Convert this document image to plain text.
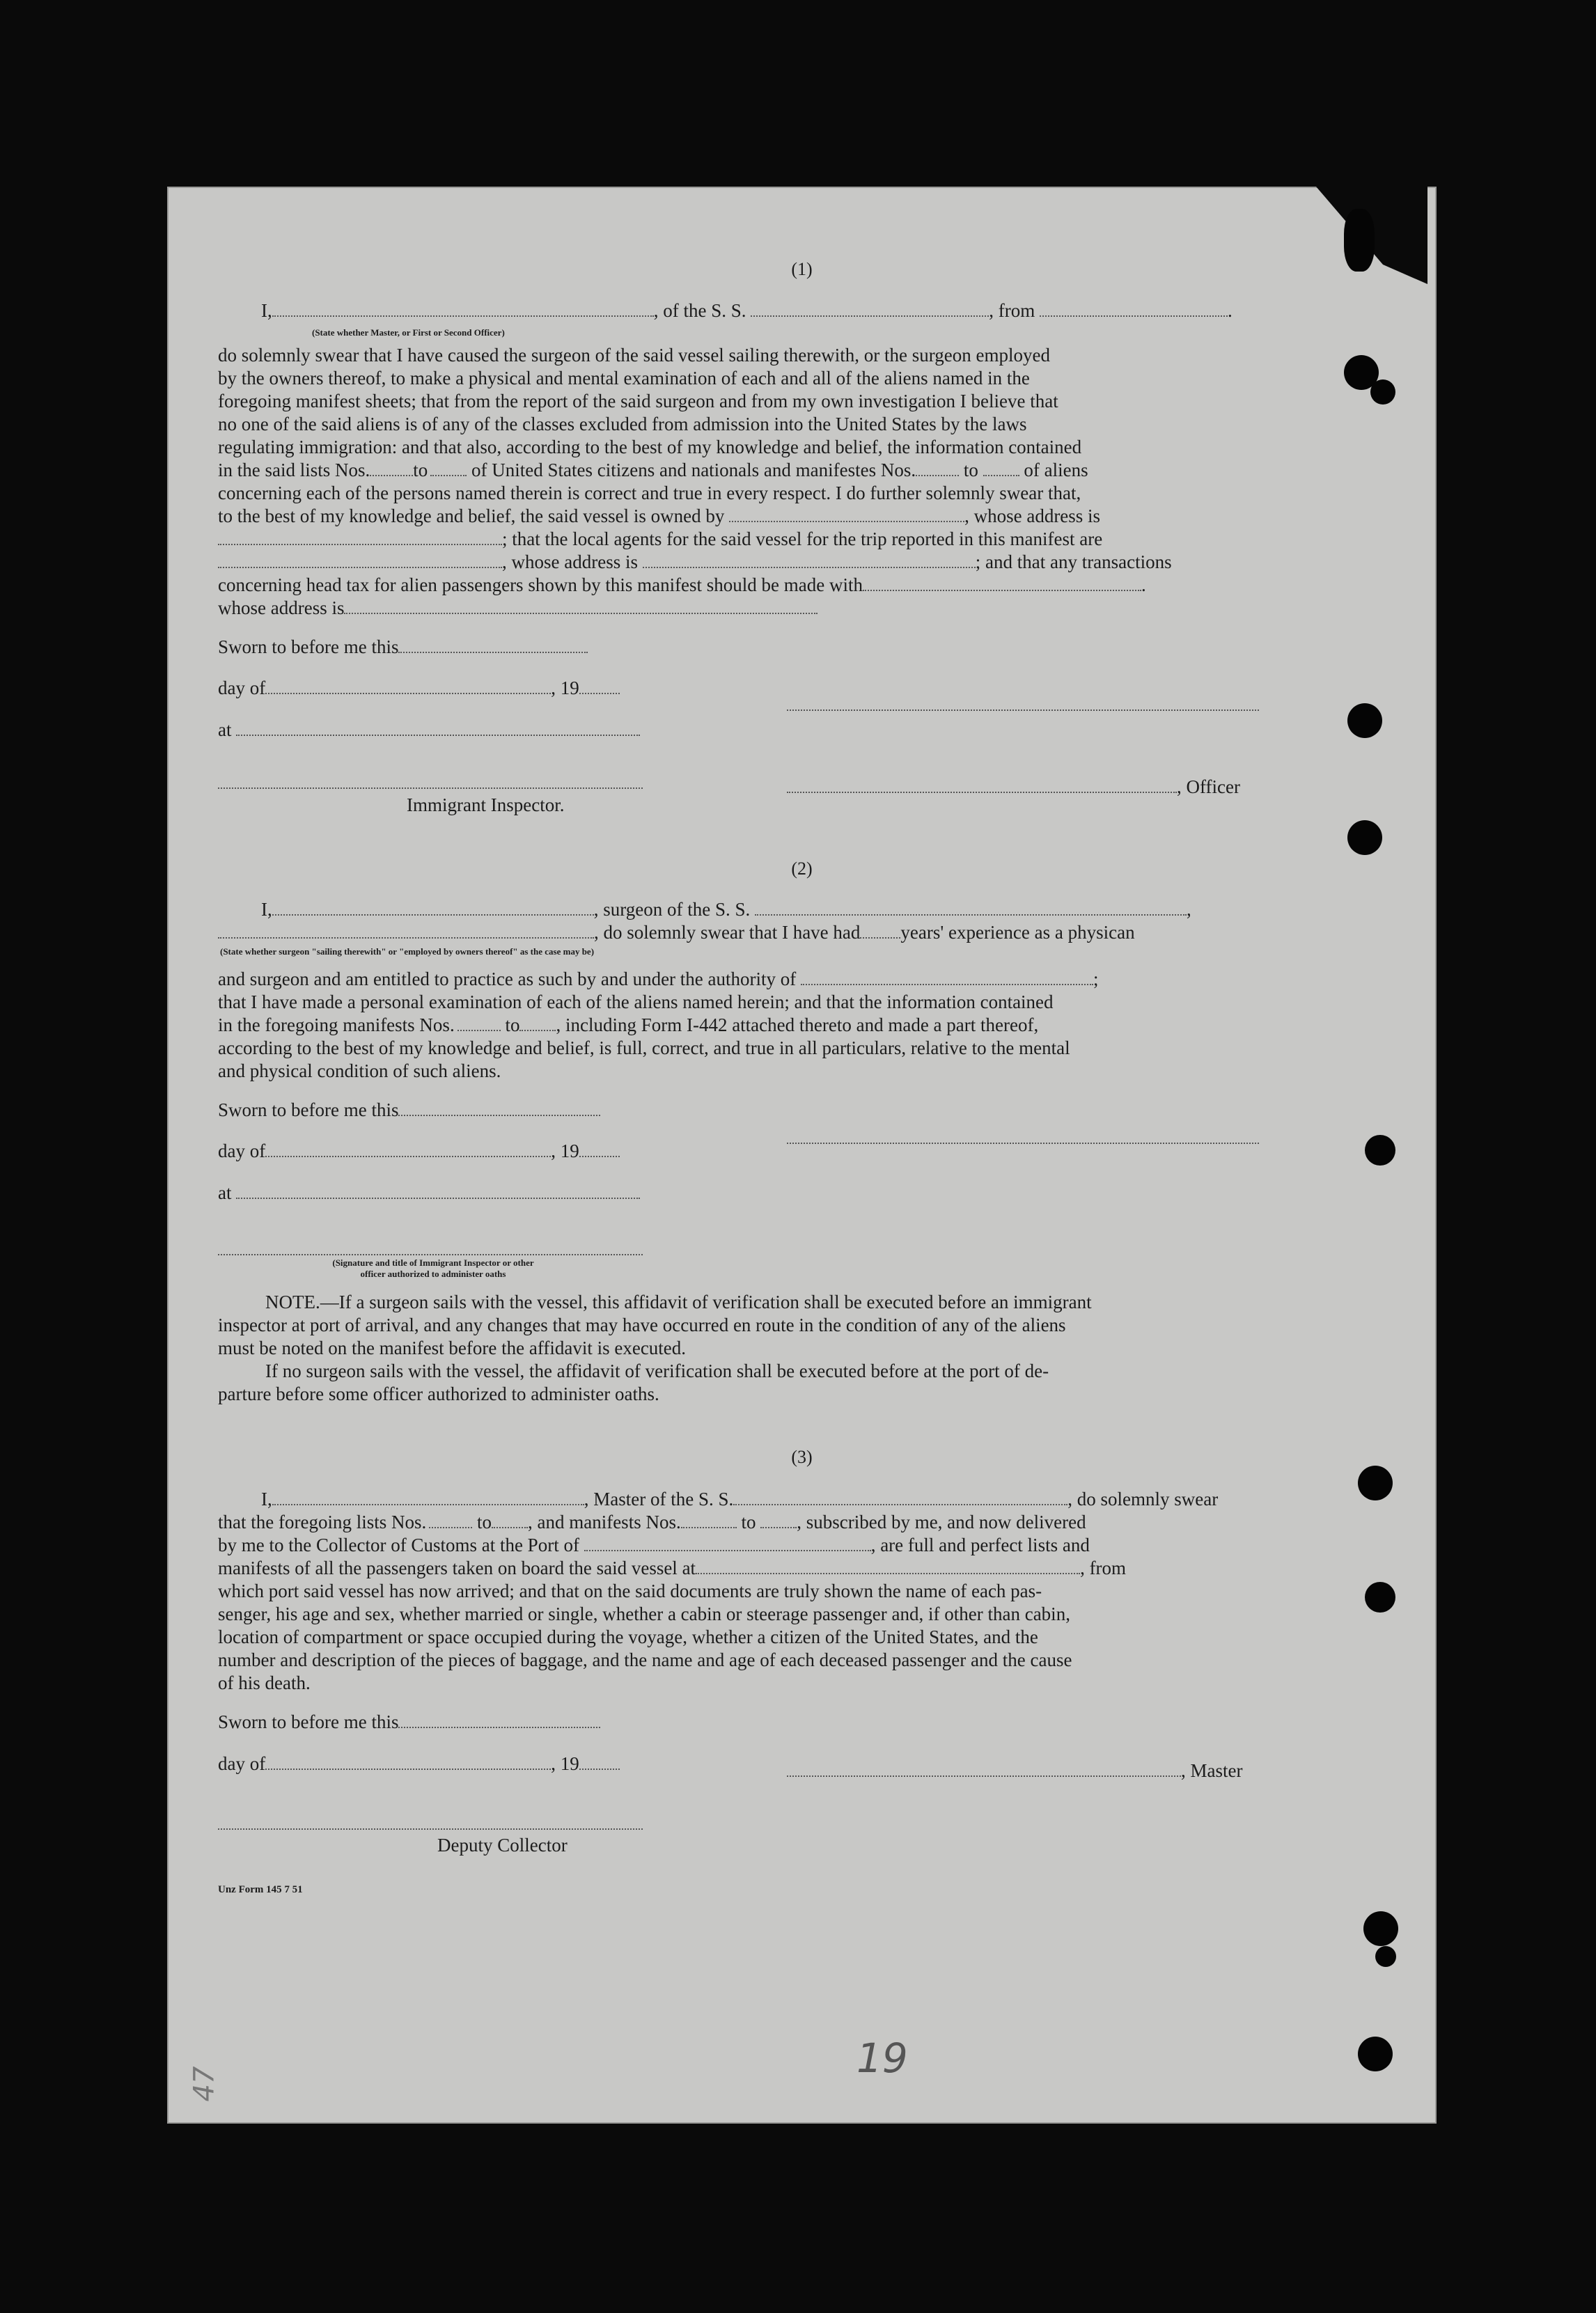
(1)
I,	, of the S. S.	, from	.
(State whether Master, or First or Second Officer)
do solemnly swear that I have caused the surgeon of the said vessel sailing therewith, or the surgeon employed
by the owners thereof, to make a physical and mental examination of each and all of the aliens named in the
foregoing manifest sheets; that from the report of the said surgeon and from my own investigation I believe that
no one of the said aliens is of any of the classes excluded from admission into the United States by the laws
regulating immigration: and that also, according to the best of my knowledge and belief, the information contained
in the said lists Nos. to of United States citizens and nationals and manifestes Nos.	to of aliens
concerning each of the persons named therein is correct and true in every respect. I do further solemnly swear that,
to the best of my knowledge and belief, the said vessel is owned by	, whose address is
; that the local agents for the said vessel for the trip reported in this manifest are
, whose address is	; and that any transactions
concerning head tax for alien passengers shown by this manifest should be made with	.
whose address is
Sworn to before me this
day of	, 19
at
, Officer
Immigrant Inspector.
(2)
I,	, surgeon of the S. S.	,
, do solemnly swear that I have had years' experience as a physican
(State whether surgeon "sailing therewith" or "employed by owners thereof" as the case may be)
and surgeon and am entitled to practice as such by and under the authority of	;
that I have made a personal examination of each of the aliens named herein; and that the information contained
in the foregoing manifests Nos.	to , including Form I-442 attached thereto and made a part thereof,
according to the best of my knowledge and belief, is full, correct, and true in all particulars, relative to the mental
and physical condition of such aliens.
Sworn to before me this
day of	, 19
at
(Signature and title of Immigrant Inspector or other
officer authorized to administer oaths
NOTE.—If a surgeon sails with the vessel, this affidavit of verification shall be executed before an immigrant
inspector at port of arrival, and any changes that may have occurred en route in the condition of any of the aliens
must be noted on the manifest before the affidavit is executed.
If no surgeon sails with the vessel, the affidavit of verification shall be executed before at the port of de-
parture before some officer authorized to administer oaths.
(3)
I,	, Master of the S. S.	, do solemnly swear
that the foregoing lists Nos.	to , and manifests Nos.	to , subscribed by me, and now delivered
by me to the Collector of Customs at the Port of	, are full and perfect lists and
manifests of all the passengers taken on board the said vessel at	, from
which port said vessel has now arrived; and that on the said documents are truly shown the name of each pas-
senger, his age and sex, whether married or single, whether a cabin or steerage passenger and, if other than cabin,
location of compartment or space occupied during the voyage, whether a citizen of the United States, and the
number and description of the pieces of baggage, and the name and age of each deceased passenger and the cause
of his death.
Sworn to before me this
day of	, 19	, Master
Deputy Collector
Unz Form 145 7 51
19
47
